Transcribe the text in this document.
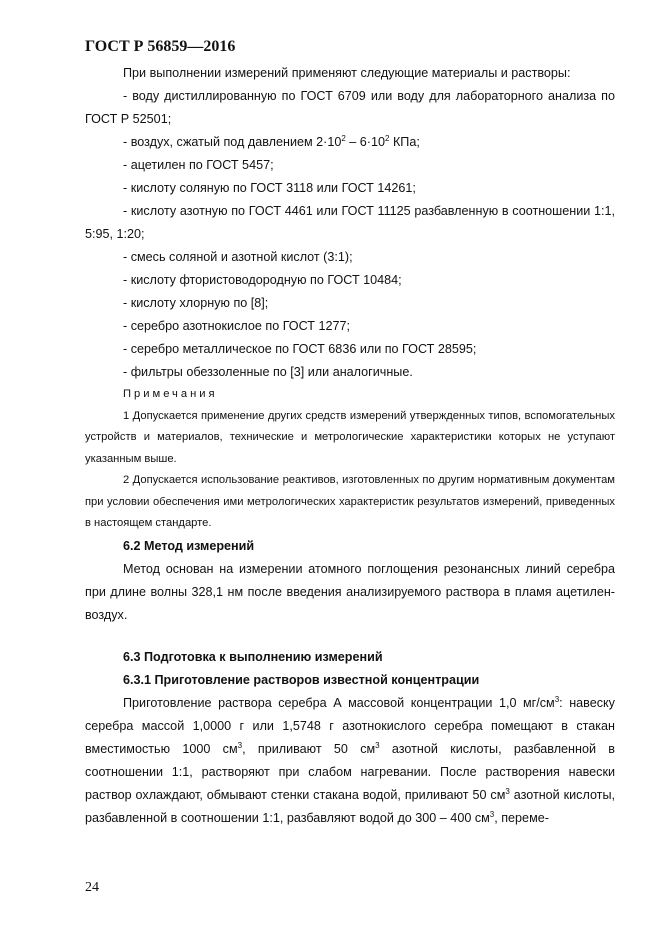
ГОСТ Р 56859—2016

При выполнении измерений применяют следующие материалы и растворы:

- воду дистиллированную по ГОСТ 6709 или воду для лабораторного анализа по ГОСТ Р 52501;

- воздух, сжатый под давлением $2\cdot 10^2 - 6\cdot 10^2$ КПа;

- ацетилен по ГОСТ 5457;

- кислоту соляную по ГОСТ 3118 или ГОСТ 14261;

- кислоту азотную по ГОСТ 4461 или ГОСТ 11125 разбавленную в соотношении 1:1, 5:95, 1:20;

- смесь соляной и азотной кислот (3:1);

- кислоту фтористоводородную по ГОСТ 10484;

- кислоту хлорную по [8];

- серебро азотнокислое по ГОСТ 1277;

- серебро металлическое по ГОСТ 6836 или по ГОСТ 28595;

- фильтры обеззоленные по [3] или аналогичные.

Примечания

1 Допускается применение других средств измерений утвержденных типов, вспомогательных устройств и материалов, технические и метрологические характеристики которых не уступают указанным выше.

2 Допускается использование реактивов, изготовленных по другим нормативным документам при условии обеспечения ими метрологических характеристик результатов измерений, приведенных в настоящем стандарте.

6.2 Метод измерений

Метод основан на измерении атомного поглощения резонансных линий серебра при длине волны 328,1 нм после введения анализируемого раствора в пламя ацетилен-воздух.

6.3 Подготовка к выполнению измерений

6.3.1 Приготовление растворов известной концентрации

Приготовление раствора серебра А массовой концентрации 1,0 $мг/см^3$: навеску серебра массой 1,0000 г или 1,5748 г азотнокислого серебра помещают в стакан вместимостью 1000 $см^3$, приливают 50 $см^3$ азотной кислоты, разбавленной в соотношении 1:1, растворяют при слабом нагревании. После растворения навески раствор охлаждают, обмывают стенки стакана водой, приливают 50 $см^3$ азотной кислоты, разбавленной в соотношении 1:1, разбавляют водой до 300 – 400 $см^3$, переме-

24
